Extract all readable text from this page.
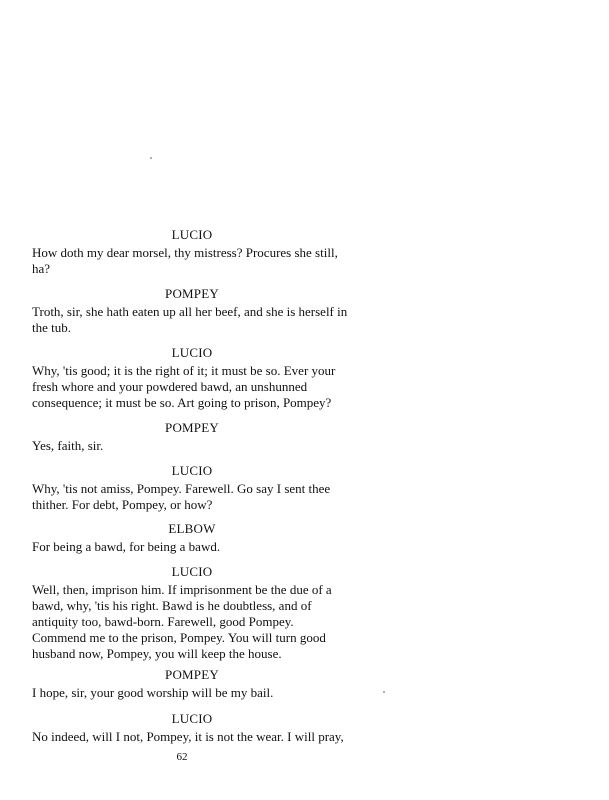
LUCIO
How doth my dear morsel, thy mistress? Procures she still,
ha?
POMPEY
Troth, sir, she hath eaten up all her beef, and she is herself in
the tub.
LUCIO
Why, 'tis good; it is the right of it; it must be so. Ever your
fresh whore and your powdered bawd, an unshunned
consequence; it must be so. Art going to prison, Pompey?
POMPEY
Yes, faith, sir.
LUCIO
Why, 'tis not amiss, Pompey. Farewell. Go say I sent thee
thither. For debt, Pompey, or how?
ELBOW
For being a bawd, for being a bawd.
LUCIO
Well, then, imprison him. If imprisonment be the due of a
bawd, why, 'tis his right. Bawd is he doubtless, and of
antiquity too, bawd-born. Farewell, good Pompey.
Commend me to the prison, Pompey. You will turn good
husband now, Pompey, you will keep the house.
POMPEY
I hope, sir, your good worship will be my bail.
LUCIO
No indeed, will I not, Pompey, it is not the wear. I will pray,
62
